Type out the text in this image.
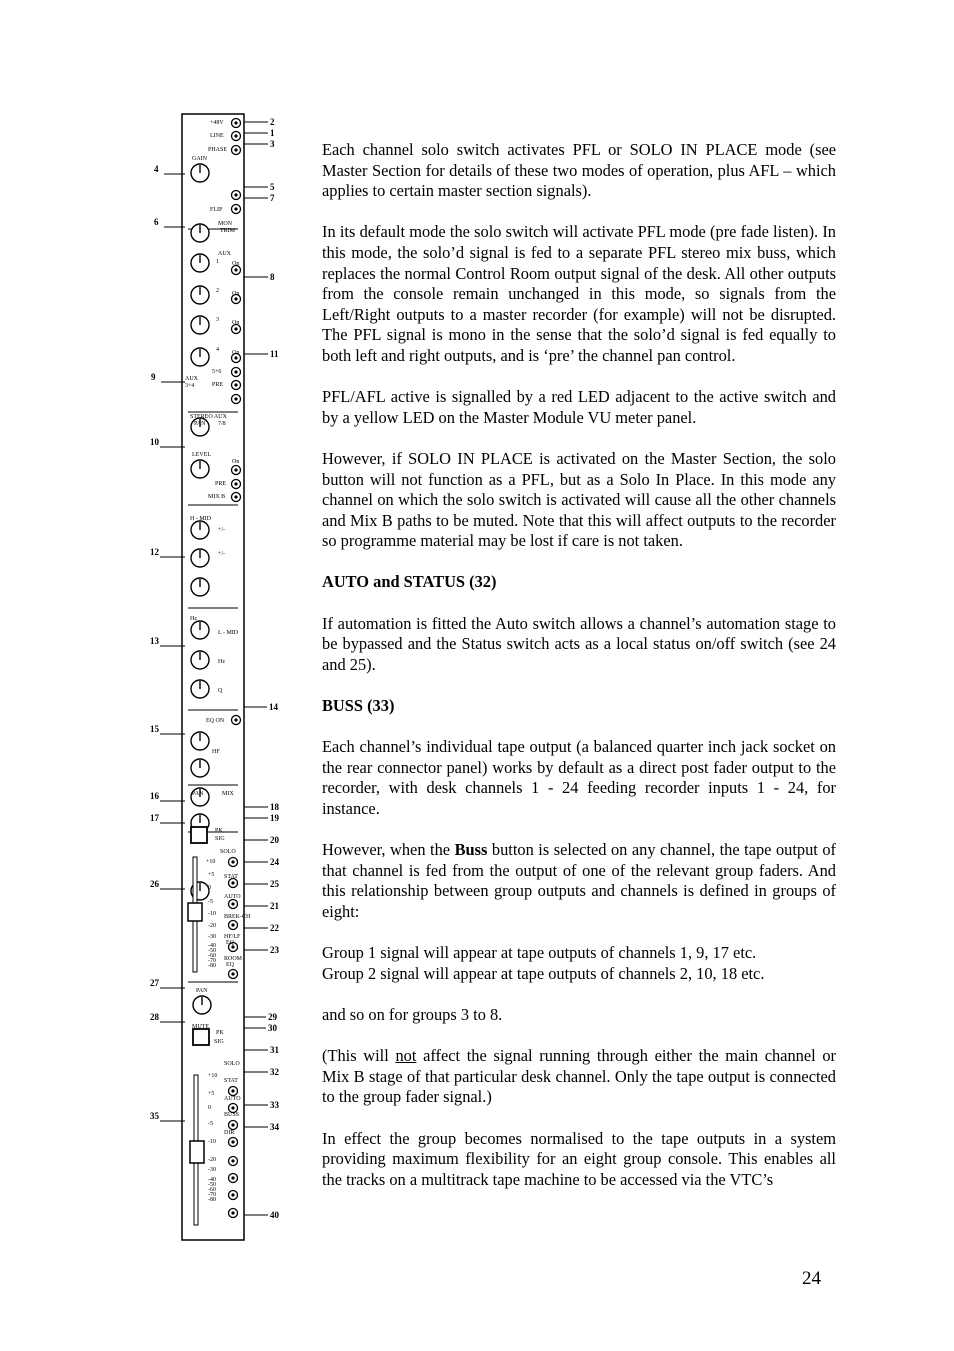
+48V
LINE
PHASE
GAIN
FLIP
MON
TRIM
AUX
1 On
2 On
3 On
4 On
5+6
PRE
AUX
3+4
STEREO AUX
PAN 7/8
LEVEL
On
PRE
MIX B
H - MID
+/-
Hz
L - MID
+/-
Hz
Q
EQ ON
HF
PAN	MIX
PK
SIG
SOLO
+10
+5
0
-5
-10
-20
-30
-40
-50
-60
-70
-80
STAT
AUTO
BREK-CH
HF/LF
EQ
ROOM
EQ
PAN
MUTE
PK
SIG
SOLO
+10
+5
0
-5
-10
-20
-30
-40
-50
-60
-70
-80
STAT
AUTO
BUSS
DIR
2
1
3
4
5
7
6
8
11
9
10
12
13
14
15
16
18
19
17
20
24
26	25
21
22
23
27
29
30
28
31
32
33
34
35
40

Each channel solo switch activates PFL or SOLO IN PLACE mode (see Master Section for details of these two modes of operation, plus AFL – which applies to certain master section signals).

In its default mode the solo switch will activate PFL mode (pre fade listen). In this mode, the solo’d signal is fed to a separate PFL stereo mix buss, which replaces the normal Control Room output signal of the desk. All other outputs from the console remain unchanged in this mode, so signals from the Left/Right outputs to a master recorder (for example) will not be disrupted. The PFL signal is mono in the sense that the solo’d signal is fed equally to both left and right outputs, and is ‘pre’ the channel pan control.

PFL/AFL active is signalled by a red LED adjacent to the active switch and by a yellow LED on the Master Module VU meter panel.

However, if SOLO IN PLACE is activated on the Master Section, the solo button will not function as a PFL, but as a Solo In Place. In this mode any channel on which the solo switch is activated will cause all the other channels and Mix B paths to be muted. Note that this will affect outputs to the recorder so programme material may be lost if care is not taken.

AUTO and STATUS (32)

If automation is fitted the Auto switch allows a channel’s automation stage to be bypassed and the Status switch acts as a local status on/off switch (see 24 and 25).

BUSS (33)

Each channel’s individual tape output (a balanced quarter inch jack socket on the rear connector panel) works by default as a direct post fader output to the recorder, with desk channels 1 - 24 feeding recorder inputs 1 - 24, for instance.

However, when the Buss button is selected on any channel, the tape output of that channel is fed from the output of one of the relevant group faders. And this relationship between group outputs and channels is defined in groups of eight:

Group 1 signal will appear at tape outputs of channels 1, 9, 17 etc.

Group 2 signal will appear at tape outputs of channels 2, 10, 18 etc.

and so on for groups 3 to 8.

(This will not affect the signal running through either the main channel or Mix B stage of that particular desk channel. Only the tape output is connected to the group fader signal.)

In effect the group becomes normalised to the tape outputs in a system providing maximum flexibility for an eight group console. This enables all the tracks on a multitrack tape machine to be accessed via the VTC’s

24
